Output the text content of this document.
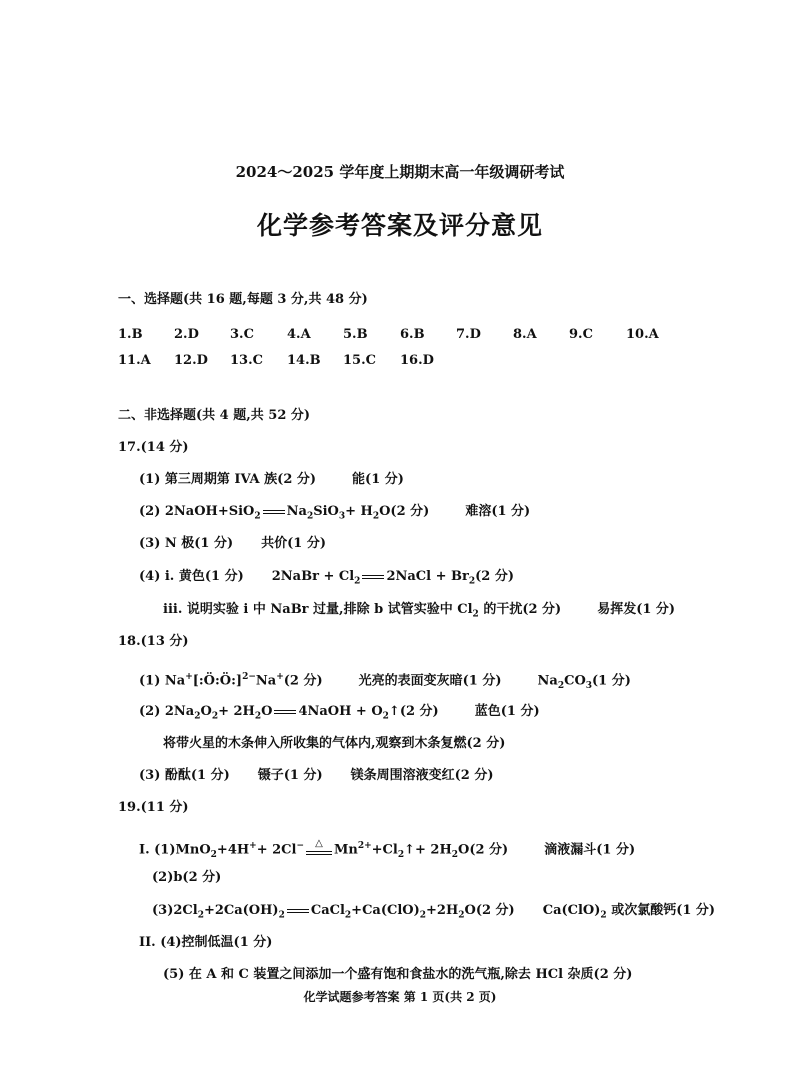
2024～2025 学年度上期期末高一年级调研考试
化学参考答案及评分意见
一、选择题(共 16 题,每题 3 分,共 48 分)
1.B 2.D 3.C	4.A 5.B 6.B 7.D 8.A 9.C	10.A
11.A 12.D 13.C 14.B 15.C 16.D
二、非选择题(共 4 题,共 52 分)
17.(14 分)
(1) 第三周期第 IVA 族(2 分)	能(1 分)
(2) 2NaOH+SiO$_2$ $Na_2SiO_3+ H_2O(2$ 分)	难溶(1 分)
(3) N 极(1 分) 共价(1 分)
(4) i. 黄色(1 分) 2NaBr + $Cl_2$ 2NaCl + $Br_2(2$ 分)
iii. 说明实验 i 中 NaBr 过量,排除 b 试管实验中 $Cl_2$ 的干扰(2 分)	易挥发(1 分)
18.(13 分)
(1) Na+[:Ö:Ö:]$^{2-}$Na+(2 分)	光亮的表面变灰暗(1 分)	$Na_2CO_3(1$ 分)
(2) $2Na_2O_2+ 2H_2O$ 4NaOH + $O_2↑(2$ 分)	蓝色(1 分)
将带火星的木条伸入所收集的气体内,观察到木条复燃(2 分)
(3) 酚酞(1 分) 镊子(1 分) 镁条周围溶液变红(2 分)
19.(11 分)
I. (1)MnO$_2$+4H++ 2Cl−	△ $Mn^{2+}+Cl_2↑+ 2H_2O(2$ 分)	滴液漏斗(1 分)
(2)b(2 分)
$(3)2Cl_2+2Ca(OH)_2$ $CaCl_2+Ca(ClO)_2+2H_2O(2$ 分) $Ca(ClO)_2$ 或次氯酸钙(1 分)
II. (4)控制低温(1 分)
(5) 在 A 和 C 装置之间添加一个盛有饱和食盐水的洗气瓶,除去 HCl 杂质(2 分)
化学试题参考答案 第 1 页(共 2 页)
